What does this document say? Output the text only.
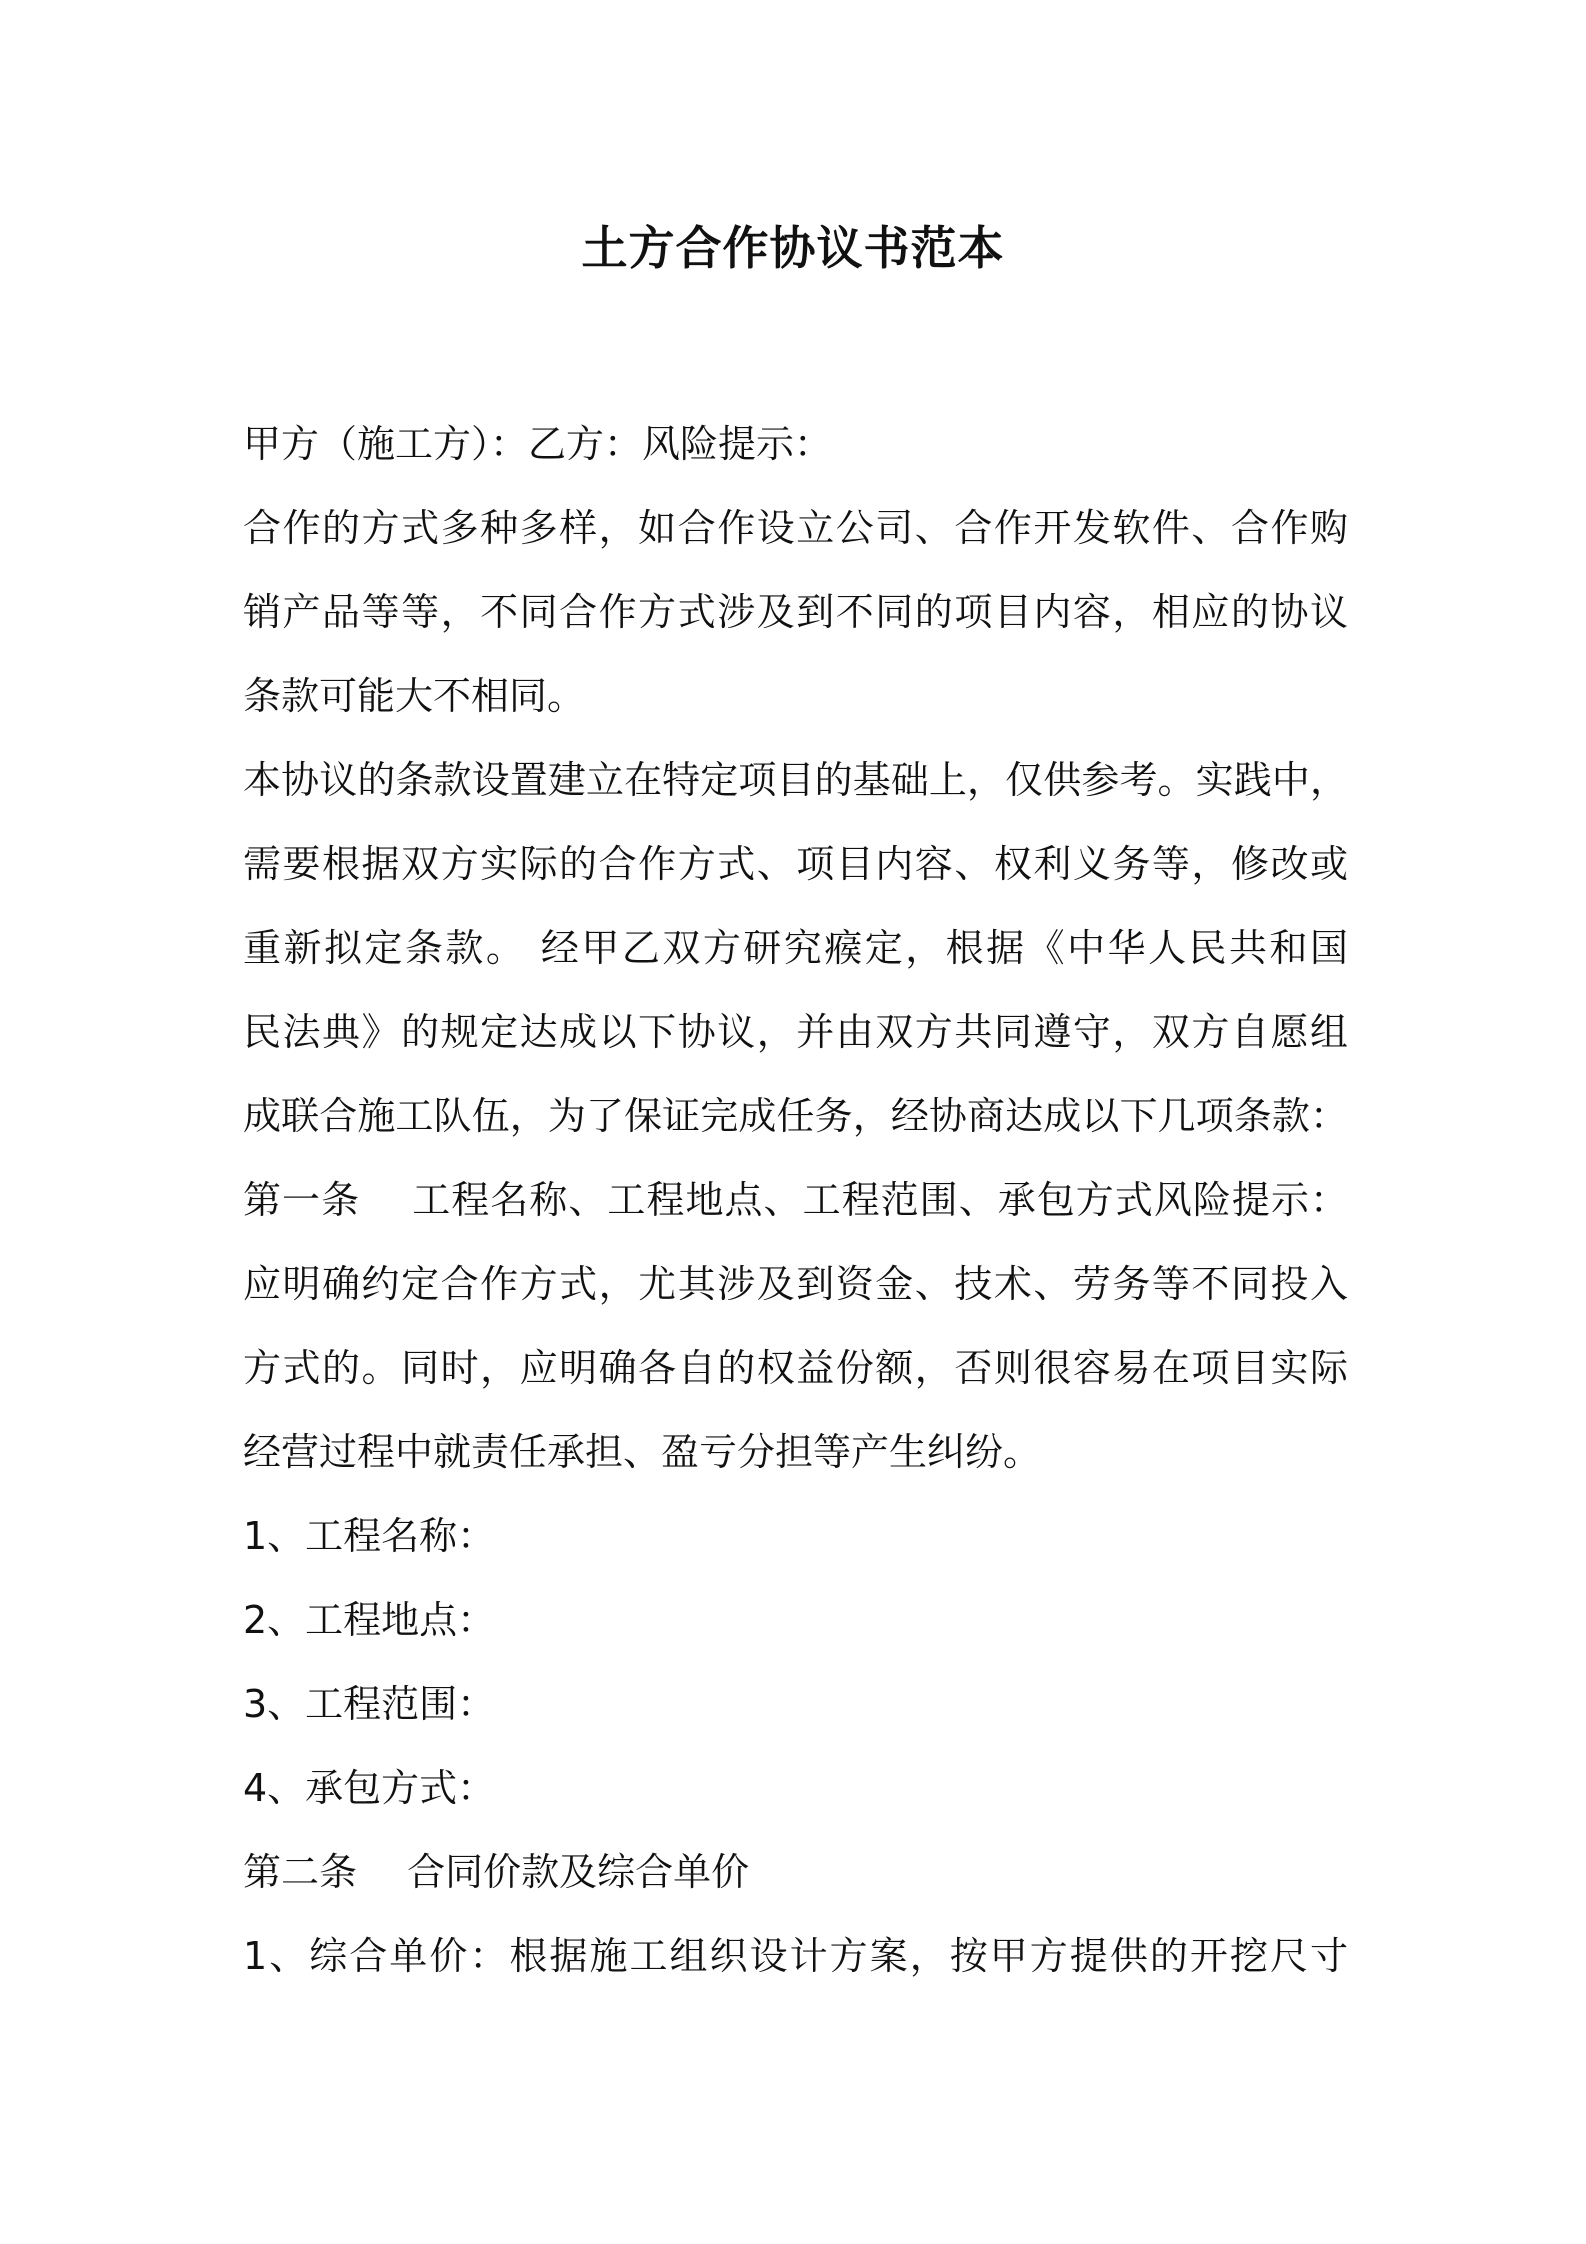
土方合作协议书范本
甲方（施工方）：乙方：风险提示：
合作的方式多种多样，如合作设立公司、合作开发软件、合作购
销产品等等，不同合作方式涉及到不同的项目内容，相应的协议
条款可能大不相同。
本协议的条款设置建立在特定项目的基础上，仅供参考。实践中，
需要根据双方实际的合作方式、项目内容、权利义务等，修改或
重新拟定条款。 经甲乙双方研究瘊定，根据《中华人民共和国
民法典》的规定达成以下协议，并由双方共同遵守，双方自愿组
成联合施工队伍，为了保证完成任务，经协商达成以下几项条款：
第一条　 工程名称、工程地点、工程范围、承包方式风险提示：
应明确约定合作方式，尤其涉及到资金、技术、劳务等不同投入
方式的。同时，应明确各自的权益份额，否则很容易在项目实际
经营过程中就责任承担、盈亏分担等产生纠纷。
1、工程名称：
2、工程地点：
3、工程范围：
4、承包方式：
第二条　 合同价款及综合单价
1、综合单价：根据施工组织设计方案，按甲方提供的开挖尺寸
